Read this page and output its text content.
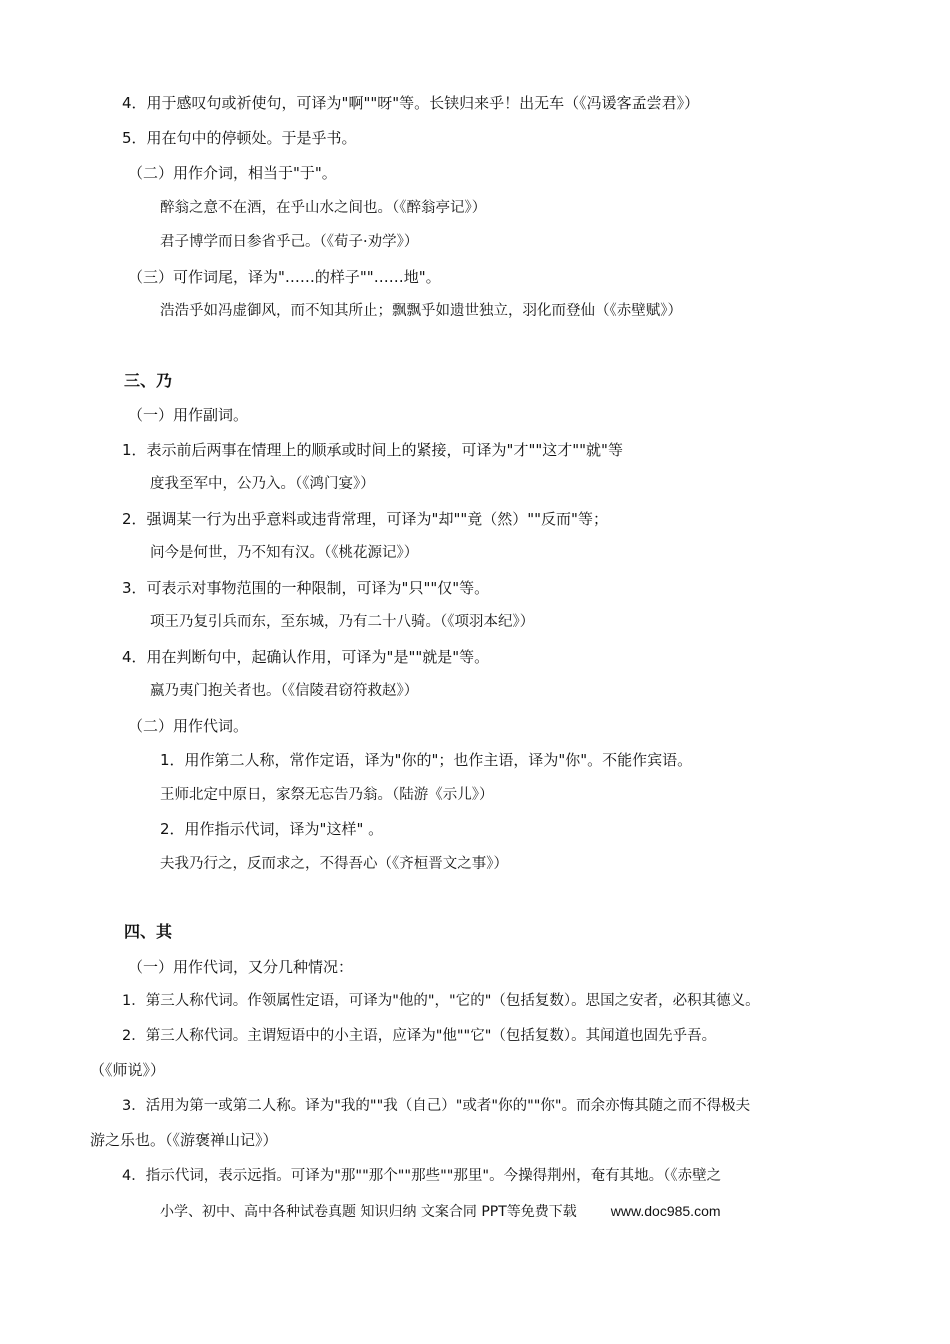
4．用于感叹句或祈使句，可译为"啊""呀"等。长铗归来乎！出无车（《冯谖客孟尝君》）
5．用在句中的停顿处。于是乎书。
（二）用作介词，相当于"于"。
醉翁之意不在酒，在乎山水之间也。（《醉翁亭记》）
君子博学而日参省乎己。（《荀子·劝学》）
（三）可作词尾，译为"……的样子""……地"。
浩浩乎如冯虚御风，而不知其所止；飘飘乎如遗世独立，羽化而登仙（《赤壁赋》）
三、乃
（一）用作副词。
1．表示前后两事在情理上的顺承或时间上的紧接，可译为"才""这才""就"等
度我至军中，公乃入。（《鸿门宴》）
2．强调某一行为出乎意料或违背常理，可译为"却""竟（然）""反而"等；
问今是何世，乃不知有汉。（《桃花源记》）
3．可表示对事物范围的一种限制，可译为"只""仅"等。
项王乃复引兵而东，至东城，乃有二十八骑。（《项羽本纪》）
4．用在判断句中，起确认作用，可译为"是""就是"等。
嬴乃夷门抱关者也。（《信陵君窃符救赵》）
（二）用作代词。
1．用作第二人称，常作定语，译为"你的"；也作主语，译为"你"。不能作宾语。
王师北定中原日，家祭无忘告乃翁。（陆游《示儿》）
2．用作指示代词，译为"这样" 。
夫我乃行之，反而求之，不得吾心（《齐桓晋文之事》）
四、其
（一）用作代词，又分几种情况：
1．第三人称代词。作领属性定语，可译为"他的"，"它的"（包括复数）。思国之安者，必积其德义。
2．第三人称代词。主谓短语中的小主语，应译为"他""它"（包括复数）。其闻道也固先乎吾。
（《师说》）
3．活用为第一或第二人称。译为"我的""我（自己）"或者"你的""你"。而余亦悔其随之而不得极夫
游之乐也。（《游褒禅山记》）
4．指示代词，表示远指。可译为"那""那个""那些""那里"。今操得荆州，奄有其地。（《赤壁之
小学、初中、高中各种试卷真题 知识归纳 文案合同 PPT等免费下载 www.doc985.com
